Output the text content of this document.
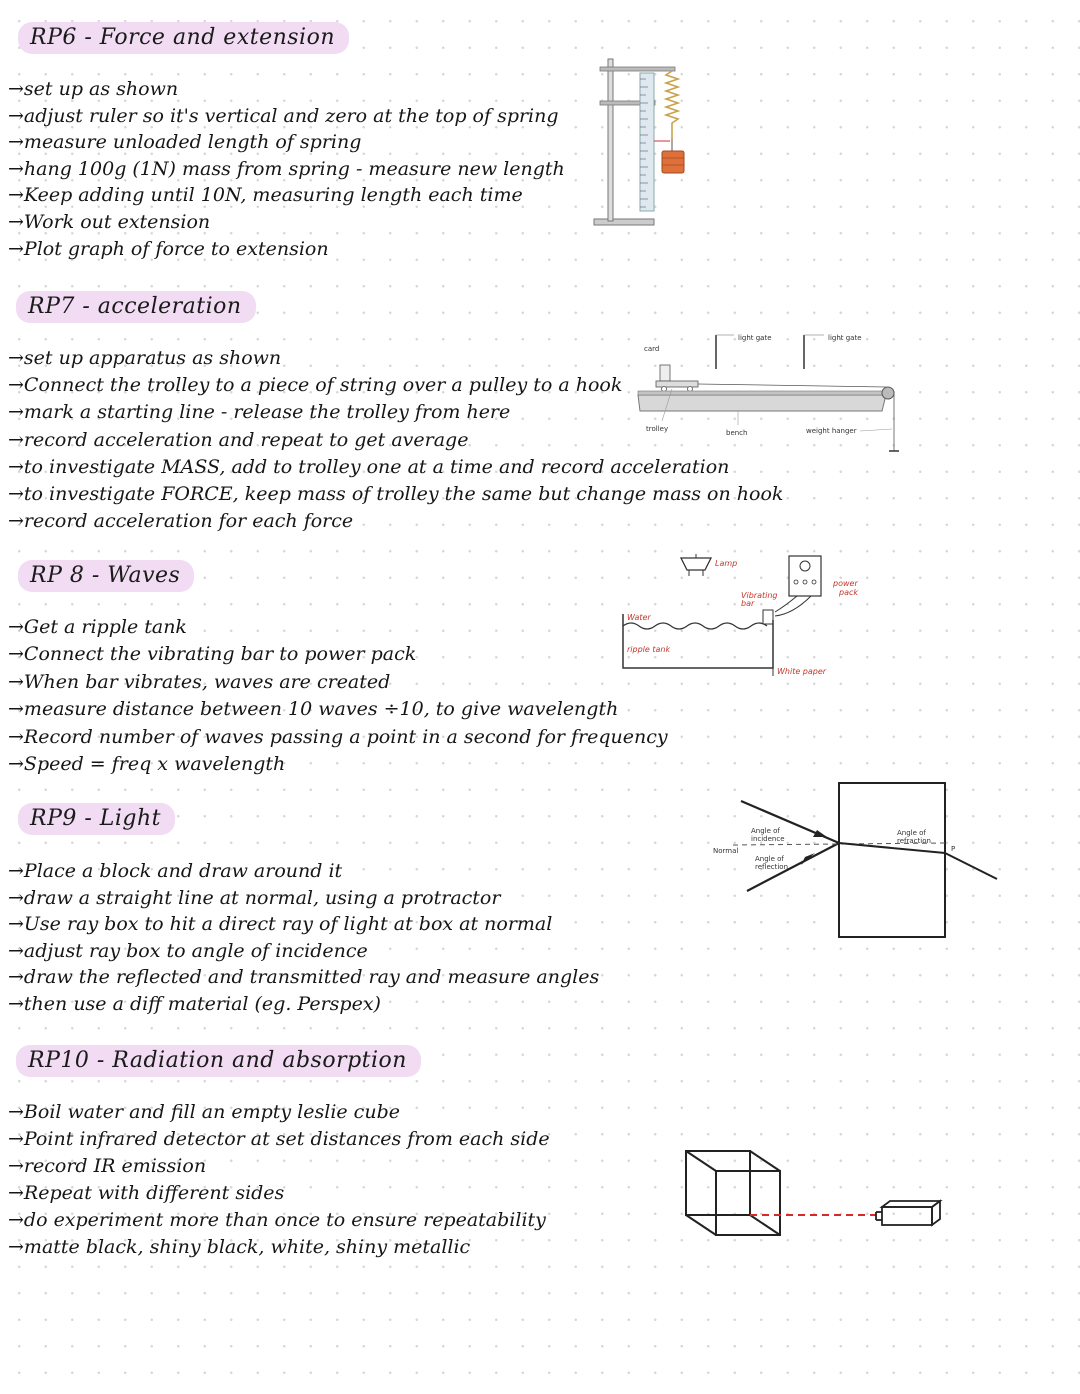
RP6 - Force and extension
→ set up as shown
→ adjust ruler so it's vertical and zero at the top of spring
→ measure unloaded length of spring
→ hang 100g (1N) mass from spring - measure new length
→ Keep adding until 10N, measuring length each time
→ Work out extension
→ Plot graph of force to extension
RP7 - acceleration
→ set up apparatus as shown
→ Connect the trolley to a piece of string over a pulley to a hook
→ mark a starting line - release the trolley from here
→ record acceleration and repeat to get average
→ to investigate MASS, add to trolley one at a time and record acceleration
→ to investigate FORCE, keep mass of trolley the same but change mass on hook
→ record acceleration for each force
light gate	light gate
card
trolley	bench	weight hanger
RP 8 - Waves
→ Get a ripple tank
→ Connect the vibrating bar to power pack
→ When bar vibrates, waves are created
→ measure distance between 10 waves ÷10, to give wavelength
→ Record number of waves passing a point in a second for frequency
→ Speed = freq x wavelength
Lamp
power
pack
Vibrating
bar
Water
ripple tank
White paper
RP9 - Light
→ Place a block and draw around it
→ draw a straight line at normal, using a protractor
→ Use ray box to hit a direct ray of light at box at normal
→ adjust ray box to angle of incidence
→ draw the reflected and transmitted ray and measure angles
→ then use a diff material (eg. Perspex)
Angle of
incidence
Normal
Angle of
reflection
Angle of
refraction
P
RP10 - Radiation and absorption
→ Boil water and fill an empty leslie cube
→ Point infrared detector at set distances from each side
→ record IR emission
→ Repeat with different sides
→ do experiment more than once to ensure repeatability
→ matte black, shiny black, white, shiny metallic
